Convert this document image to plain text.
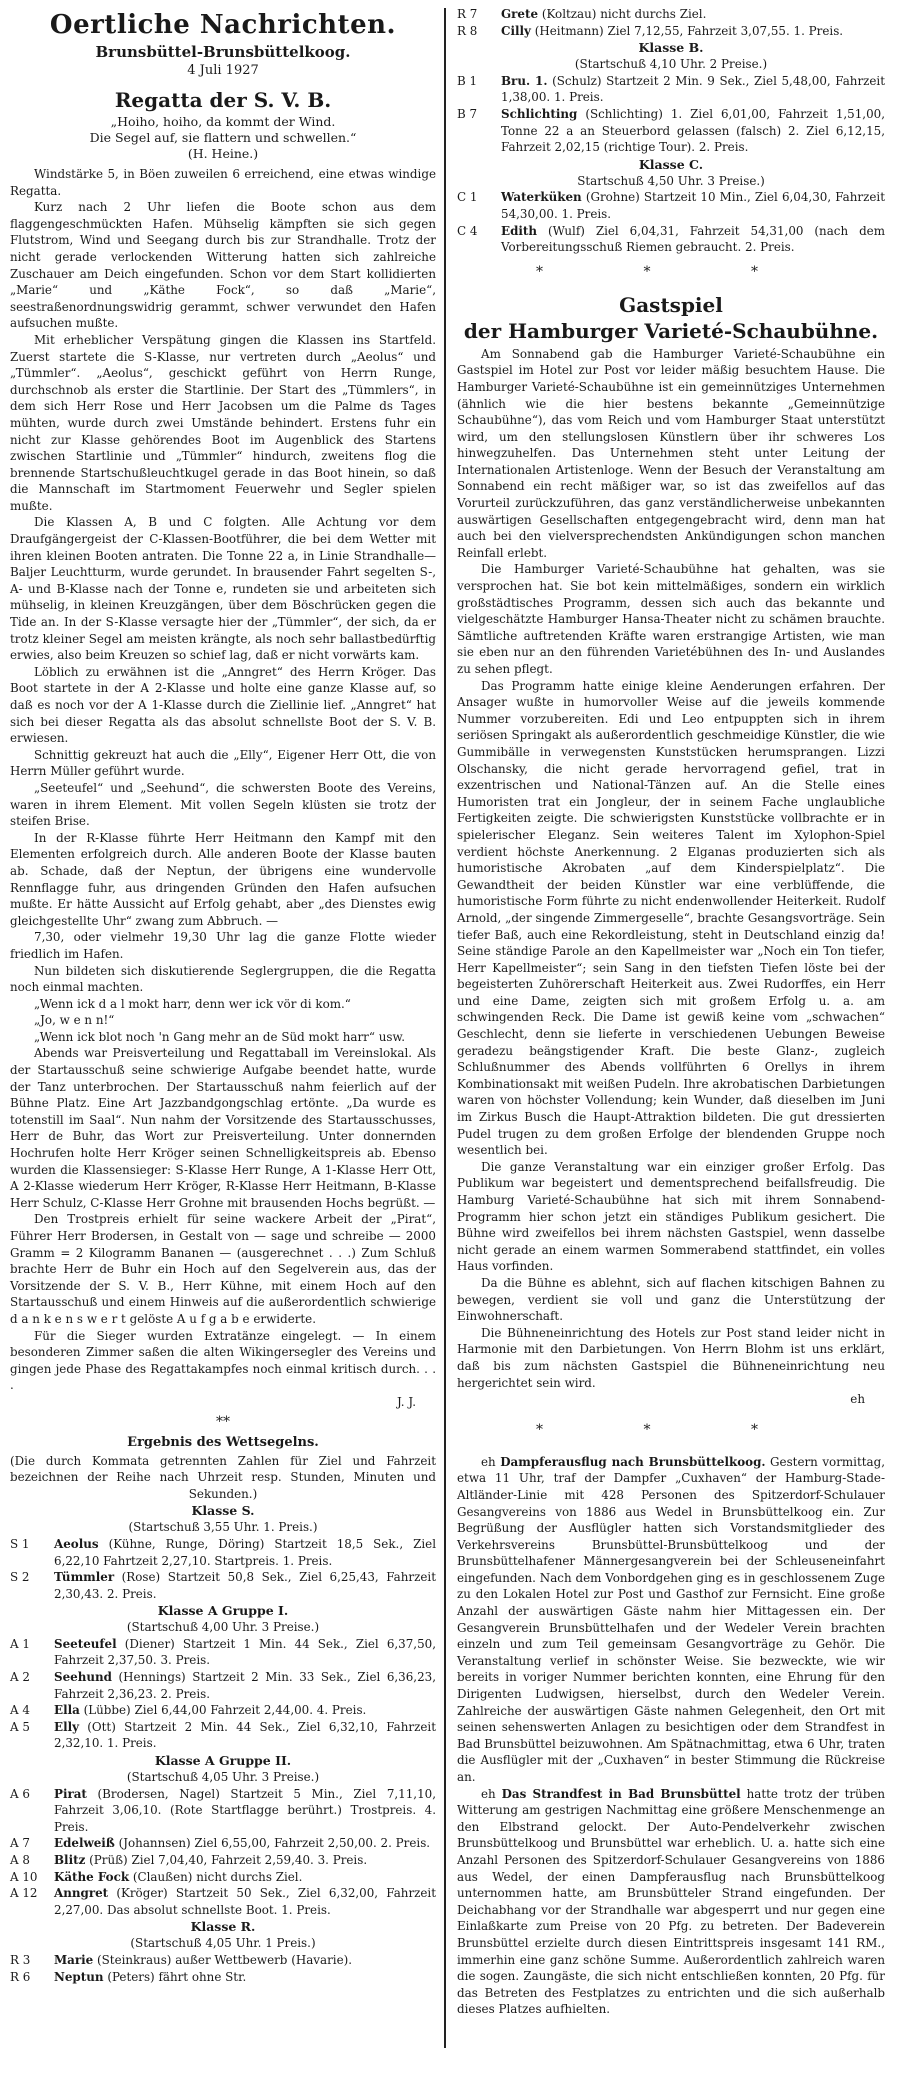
Oertliche Nachrichten.
Brunsbüttel-Brunsbüttelkoog.
4 Juli 1927
Regatta der S. V. B.
„Hoiho, hoiho, da kommt der Wind.
Die Segel auf, sie flattern und schwellen.“
(H. Heine.)

Windstärke 5, in Böen zuweilen 6 erreichend, eine etwas windige Regatta.

Kurz nach 2 Uhr liefen die Boote schon aus dem flaggengeschmückten Hafen. Mühselig kämpften sie sich gegen Flutstrom, Wind und Seegang durch bis zur Strandhalle. Trotz der nicht gerade verlockenden Witterung hatten sich zahlreiche Zuschauer am Deich eingefunden. Schon vor dem Start kollidierten „Marie“ und „Käthe Fock“, so daß „Marie“, seestraßenordnungswidrig gerammt, schwer verwundet den Hafen aufsuchen mußte.

Mit erheblicher Verspätung gingen die Klassen ins Startfeld. Zuerst startete die S-Klasse, nur vertreten durch „Aeolus“ und „Tümmler“. „Aeolus“, geschickt geführt von Herrn Runge, durchschnob als erster die Startlinie. Der Start des „Tümmlers“, in dem sich Herr Rose und Herr Jacobsen um die Palme ds Tages mühten, wurde durch zwei Umstände behindert. Erstens fuhr ein nicht zur Klasse gehörendes Boot im Augenblick des Startens zwischen Startlinie und „Tümmler“ hindurch, zweitens flog die brennende Startschußleuchtkugel gerade in das Boot hinein, so daß die Mannschaft im Startmoment Feuerwehr und Segler spielen mußte.

Die Klassen A, B und C folgten. Alle Achtung vor dem Draufgängergeist der C-Klassen-Bootführer, die bei dem Wetter mit ihren kleinen Booten antraten. Die Tonne 22 a, in Linie Strandhalle—Baljer Leuchtturm, wurde gerundet. In brausender Fahrt segelten S-, A- und B-Klasse nach der Tonne e, rundeten sie und arbeiteten sich mühselig, in kleinen Kreuzgängen, über dem Böschrücken gegen die Tide an. In der S-Klasse versagte hier der „Tümmler“, der sich, da er trotz kleiner Segel am meisten krängte, als noch sehr ballastbedürftig erwies, also beim Kreuzen so schief lag, daß er nicht vorwärts kam.

Löblich zu erwähnen ist die „Anngret“ des Herrn Kröger. Das Boot startete in der A 2-Klasse und holte eine ganze Klasse auf, so daß es noch vor der A 1-Klasse durch die Ziellinie lief. „Anngret“ hat sich bei dieser Regatta als das absolut schnellste Boot der S. V. B. erwiesen.

Schnittig gekreuzt hat auch die „Elly“, Eigener Herr Ott, die von Herrn Müller geführt wurde.

„Seeteufel“ und „Seehund“, die schwersten Boote des Vereins, waren in ihrem Element. Mit vollen Segeln klüsten sie trotz der steifen Brise.

In der R-Klasse führte Herr Heitmann den Kampf mit den Elementen erfolgreich durch. Alle anderen Boote der Klasse bauten ab. Schade, daß der Neptun, der übrigens eine wundervolle Rennflagge fuhr, aus dringenden Gründen den Hafen aufsuchen mußte. Er hätte Aussicht auf Erfolg gehabt, aber „des Dienstes ewig gleichgestellte Uhr“ zwang zum Abbruch. —

7,30, oder vielmehr 19,30 Uhr lag die ganze Flotte wieder friedlich im Hafen.

Nun bildeten sich diskutierende Seglergruppen, die die Regatta noch einmal machten.

„Wenn ick d a l mokt harr, denn wer ick vör di kom.“

„Jo, w e n n!“

„Wenn ick blot noch 'n Gang mehr an de Süd mokt harr“ usw.

Abends war Preisverteilung und Regattaball im Vereinslokal. Als der Startausschuß seine schwierige Aufgabe beendet hatte, wurde der Tanz unterbrochen. Der Startausschuß nahm feierlich auf der Bühne Platz. Eine Art Jazzbandgongschlag ertönte. „Da wurde es totenstill im Saal“. Nun nahm der Vorsitzende des Startausschusses, Herr de Buhr, das Wort zur Preisverteilung. Unter donnernden Hochrufen holte Herr Kröger seinen Schnelligkeitspreis ab. Ebenso wurden die Klassensieger: S-Klasse Herr Runge, A 1-Klasse Herr Ott, A 2-Klasse wiederum Herr Kröger, R-Klasse Herr Heitmann, B-Klasse Herr Schulz, C-Klasse Herr Grohne mit brausenden Hochs begrüßt. —

Den Trostpreis erhielt für seine wackere Arbeit der „Pirat“, Führer Herr Brodersen, in Gestalt von — sage und schreibe — 2000 Gramm = 2 Kilogramm Bananen — (ausgerechnet . . .) Zum Schluß brachte Herr de Buhr ein Hoch auf den Segelverein aus, das der Vorsitzende der S. V. B., Herr Kühne, mit einem Hoch auf den Startausschuß und einem Hinweis auf die außerordentlich schwierige d a n k e n s w e r t gelöste A u f g a b e erwiderte.

Für die Sieger wurden Extratänze eingelegt. — In einem besonderen Zimmer saßen die alten Wikingersegler des Vereins und gingen jede Phase des Regattakampfes noch einmal kritisch durch. . . .

J. J.

**
Ergebnis des Wettsegelns.

(Die durch Kommata getrennten Zahlen für Ziel und Fahrzeit bezeichnen der Reihe nach Uhrzeit resp. Stunden, Minuten und Sekunden.)

Klasse S.
(Startschuß 3,55 Uhr. 1. Preis.)
S 1	Aeolus (Kühne, Runge, Döring) Startzeit 18,5 Sek., Ziel 6,22,10 Fahrtzeit 2,27,10. Startpreis. 1. Preis.
S 2	Tümmler (Rose) Startzeit 50,8 Sek., Ziel 6,25,43, Fahrzeit 2,30,43. 2. Preis.
Klasse A Gruppe I.
(Startschuß 4,00 Uhr. 3 Preise.)
A 1	Seeteufel (Diener) Startzeit 1 Min. 44 Sek., Ziel 6,37,50, Fahrzeit 2,37,50. 3. Preis.
A 2	Seehund (Hennings) Startzeit 2 Min. 33 Sek., Ziel 6,36,23, Fahrzeit 2,36,23. 2. Preis.
A 4	Ella (Lübbe) Ziel 6,44,00 Fahrzeit 2,44,00. 4. Preis.
A 5	Elly (Ott) Startzeit 2 Min. 44 Sek., Ziel 6,32,10, Fahrzeit 2,32,10. 1. Preis.
Klasse A Gruppe II.
(Startschuß 4,05 Uhr. 3 Preise.)
A 6	Pirat (Brodersen, Nagel) Startzeit 5 Min., Ziel 7,11,10, Fahrzeit 3,06,10. (Rote Startflagge berührt.) Trostpreis. 4. Preis.
A 7	Edelweiß (Johannsen) Ziel 6,55,00, Fahrzeit 2,50,00. 2. Preis.
A 8	Blitz (Prüß) Ziel 7,04,40, Fahrzeit 2,59,40. 3. Preis.
A 10	Käthe Fock (Claußen) nicht durchs Ziel.
A 12	Anngret (Kröger) Startzeit 50 Sek., Ziel 6,32,00, Fahrzeit 2,27,00. Das absolut schnellste Boot. 1. Preis.
Klasse R.
(Startschuß 4,05 Uhr. 1 Preis.)
R 3	Marie (Steinkraus) außer Wettbewerb (Havarie).
R 6	Neptun (Peters) fährt ohne Str.
R 7	Grete (Koltzau) nicht durchs Ziel.
R 8	Cilly (Heitmann) Ziel 7,12,55, Fahrzeit 3,07,55. 1. Preis.
Klasse B.
(Startschuß 4,10 Uhr. 2 Preise.)
B 1	Bru. 1. (Schulz) Startzeit 2 Min. 9 Sek., Ziel 5,48,00, Fahrzeit 1,38,00. 1. Preis.
B 7	Schlichting (Schlichting) 1. Ziel 6,01,00, Fahrzeit 1,51,00, Tonne 22 a an Steuerbord gelassen (falsch) 2. Ziel 6,12,15, Fahrzeit 2,02,15 (richtige Tour). 2. Preis.
Klasse C.
Startschuß 4,50 Uhr. 3 Preise.)
C 1	Waterküken (Grohne) Startzeit 10 Min., Ziel 6,04,30, Fahrzeit 54,30,00. 1. Preis.
C 4	Edith (Wulf) Ziel 6,04,31, Fahrzeit 54,31,00 (nach dem Vorbereitungsschuß Riemen gebraucht. 2. Preis.
* * *
Gastspiel
der Hamburger Varieté-Schaubühne.

Am Sonnabend gab die Hamburger Varieté-Schaubühne ein Gastspiel im Hotel zur Post vor leider mäßig besuchtem Hause. Die Hamburger Varieté-Schaubühne ist ein gemeinnütziges Unternehmen (ähnlich wie die hier bestens bekannte „Gemeinnützige Schaubühne“), das vom Reich und vom Hamburger Staat unterstützt wird, um den stellungslosen Künstlern über ihr schweres Los hinwegzuhelfen. Das Unternehmen steht unter Leitung der Internationalen Artistenloge. Wenn der Besuch der Veranstaltung am Sonnabend ein recht mäßiger war, so ist das zweifellos auf das Vorurteil zurückzuführen, das ganz verständlicherweise unbekannten auswärtigen Gesellschaften entgegengebracht wird, denn man hat auch bei den vielversprechendsten Ankündigungen schon manchen Reinfall erlebt.

Die Hamburger Varieté-Schaubühne hat gehalten, was sie versprochen hat. Sie bot kein mittelmäßiges, sondern ein wirklich großstädtisches Programm, dessen sich auch das bekannte und vielgeschätzte Hamburger Hansa-Theater nicht zu schämen brauchte. Sämtliche auftretenden Kräfte waren erstrangige Artisten, wie man sie eben nur an den führenden Varietébühnen des In- und Auslandes zu sehen pflegt.

Das Programm hatte einige kleine Aenderungen erfahren. Der Ansager wußte in humorvoller Weise auf die jeweils kommende Nummer vorzubereiten. Edi und Leo entpuppten sich in ihrem seriösen Springakt als außerordentlich geschmeidige Künstler, die wie Gummibälle in verwegensten Kunststücken herumsprangen. Lizzi Olschansky, die nicht gerade hervorragend gefiel, trat in exzentrischen und National-Tänzen auf. An die Stelle eines Humoristen trat ein Jongleur, der in seinem Fache unglaubliche Fertigkeiten zeigte. Die schwierigsten Kunststücke vollbrachte er in spielerischer Eleganz. Sein weiteres Talent im Xylophon-Spiel verdient höchste Anerkennung. 2 Elganas produzierten sich als humoristische Akrobaten „auf dem Kinderspielplatz“. Die Gewandtheit der beiden Künstler war eine verblüffende, die humoristische Form führte zu nicht endenwollender Heiterkeit. Rudolf Arnold, „der singende Zimmergeselle“, brachte Gesangsvorträge. Sein tiefer Baß, auch eine Rekordleistung, steht in Deutschland einzig da! Seine ständige Parole an den Kapellmeister war „Noch ein Ton tiefer, Herr Kapellmeister“; sein Sang in den tiefsten Tiefen löste bei der begeisterten Zuhörerschaft Heiterkeit aus. Zwei Rudorffes, ein Herr und eine Dame, zeigten sich mit großem Erfolg u. a. am schwingenden Reck. Die Dame ist gewiß keine vom „schwachen“ Geschlecht, denn sie lieferte in verschiedenen Uebungen Beweise geradezu beängstigender Kraft. Die beste Glanz-, zugleich Schlußnummer des Abends vollführten 6 Orellys in ihrem Kombinationsakt mit weißen Pudeln. Ihre akrobatischen Darbietungen waren von höchster Vollendung; kein Wunder, daß dieselben im Juni im Zirkus Busch die Haupt-Attraktion bildeten. Die gut dressierten Pudel trugen zu dem großen Erfolge der blendenden Gruppe noch wesentlich bei.

Die ganze Veranstaltung war ein einziger großer Erfolg. Das Publikum war begeistert und dementsprechend beifallsfreudig. Die Hamburg Varieté-Schaubühne hat sich mit ihrem Sonnabend-Programm hier schon jetzt ein ständiges Publikum gesichert. Die Bühne wird zweifellos bei ihrem nächsten Gastspiel, wenn dasselbe nicht gerade an einem warmen Sommerabend stattfindet, ein volles Haus vorfinden.

Da die Bühne es ablehnt, sich auf flachen kitschigen Bahnen zu bewegen, verdient sie voll und ganz die Unterstützung der Einwohnerschaft.

Die Bühneneinrichtung des Hotels zur Post stand leider nicht in Harmonie mit den Darbietungen. Von Herrn Blohm ist uns erklärt, daß bis zum nächsten Gastspiel die Bühneneinrichtung neu hergerichtet sein wird.

eh

* * *

eh Dampferausflug nach Brunsbüttelkoog. Gestern vormittag, etwa 11 Uhr, traf der Dampfer „Cuxhaven“ der Hamburg-Stade-Altländer-Linie mit 428 Personen des Spitzerdorf-Schulauer Gesangvereins von 1886 aus Wedel in Brunsbüttelkoog ein. Zur Begrüßung der Ausflügler hatten sich Vorstandsmitglieder des Verkehrsvereins Brunsbüttel-Brunsbüttelkoog und der Brunsbüttelhafener Männergesangverein bei der Schleuseneinfahrt eingefunden. Nach dem Vonbordgehen ging es in geschlossenem Zuge zu den Lokalen Hotel zur Post und Gasthof zur Fernsicht. Eine große Anzahl der auswärtigen Gäste nahm hier Mittagessen ein. Der Gesangverein Brunsbüttelhafen und der Wedeler Verein brachten einzeln und zum Teil gemeinsam Gesangvorträge zu Gehör. Die Veranstaltung verlief in schönster Weise. Sie bezweckte, wie wir bereits in voriger Nummer berichten konnten, eine Ehrung für den Dirigenten Ludwigsen, hierselbst, durch den Wedeler Verein. Zahlreiche der auswärtigen Gäste nahmen Gelegenheit, den Ort mit seinen sehenswerten Anlagen zu besichtigen oder dem Strandfest in Bad Brunsbüttel beizuwohnen. Am Spätnachmittag, etwa 6 Uhr, traten die Ausflügler mit der „Cuxhaven“ in bester Stimmung die Rückreise an.

eh Das Strandfest in Bad Brunsbüttel hatte trotz der trüben Witterung am gestrigen Nachmittag eine größere Menschenmenge an den Elbstrand gelockt. Der Auto-Pendelverkehr zwischen Brunsbüttelkoog und Brunsbüttel war erheblich. U. a. hatte sich eine Anzahl Personen des Spitzerdorf-Schulauer Gesangvereins von 1886 aus Wedel, der einen Dampferausflug nach Brunsbüttelkoog unternommen hatte, am Brunsbütteler Strand eingefunden. Der Deichabhang vor der Strandhalle war abgesperrt und nur gegen eine Einlaßkarte zum Preise von 20 Pfg. zu betreten. Der Badeverein Brunsbüttel erzielte durch diesen Eintrittspreis insgesamt 141 RM., immerhin eine ganz schöne Summe. Außerordentlich zahlreich waren die sogen. Zaungäste, die sich nicht entschließen konnten, 20 Pfg. für das Betreten des Festplatzes zu entrichten und die sich außerhalb dieses Platzes aufhielten.
